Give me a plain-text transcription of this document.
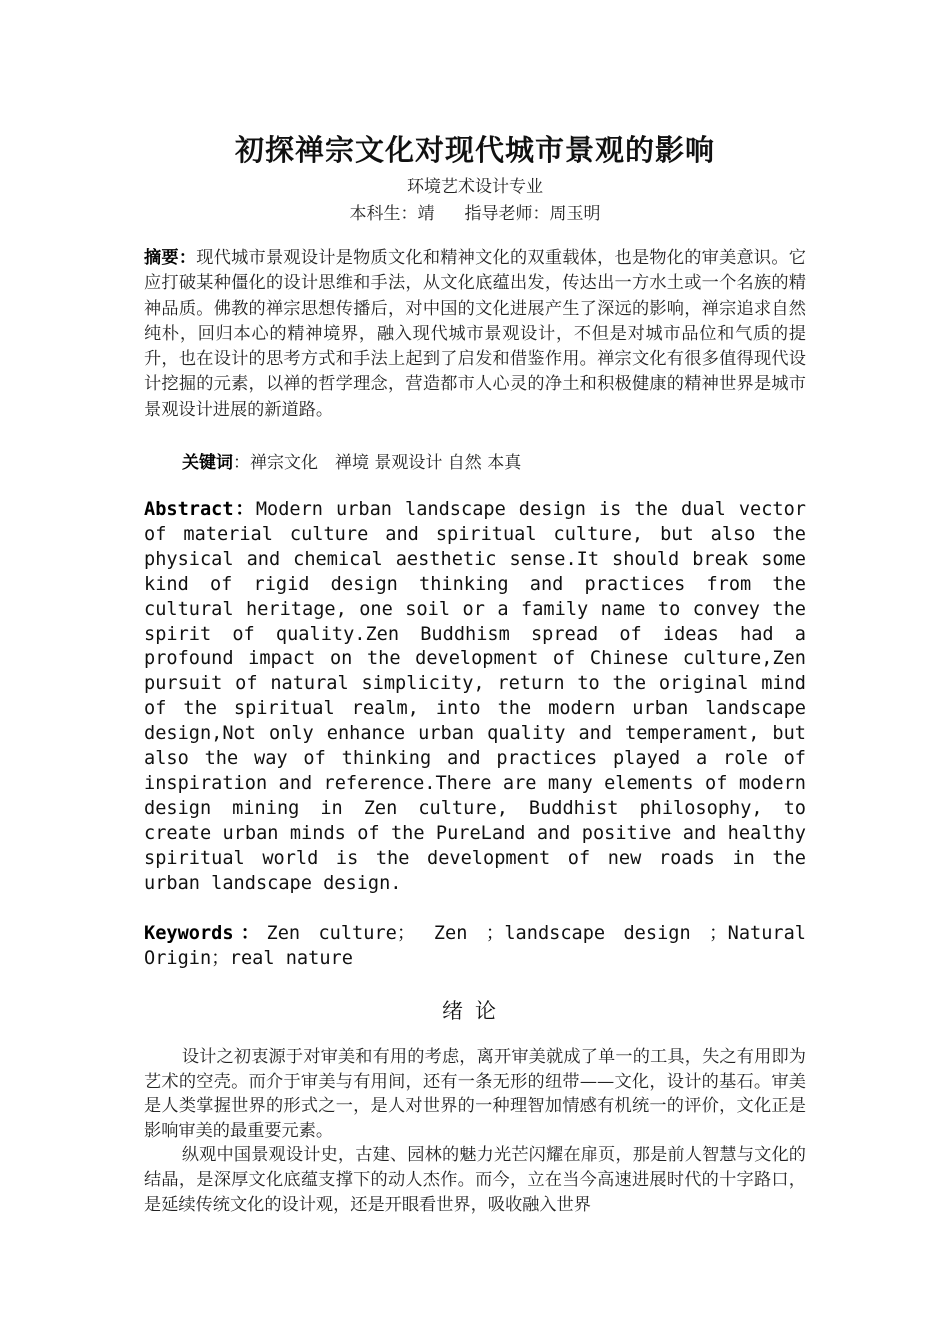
初探禅宗文化对现代城市景观的影响
环境艺术设计专业
本科生：靖 指导老师：周玉明
摘要：现代城市景观设计是物质文化和精神文化的双重载体，也是物化的审美意识。它应打破某种僵化的设计思维和手法，从文化底蕴出发，传达出一方水土或一个名族的精神品质。佛教的禅宗思想传播后，对中国的文化进展产生了深远的影响，禅宗追求自然纯朴，回归本心的精神境界，融入现代城市景观设计，不但是对城市品位和气质的提升，也在设计的思考方式和手法上起到了启发和借鉴作用。禅宗文化有很多值得现代设计挖掘的元素，以禅的哲学理念，营造都市人心灵的净土和积极健康的精神世界是城市景观设计进展的新道路。
关键词：禅宗文化　禅境 景观设计 自然 本真
Abstract：Modern urban landscape design is the dual vector of material culture and spiritual culture, but also the physical and chemical aesthetic sense.It should break some kind of rigid design thinking and practices from the cultural heritage, one soil or a family name to convey the spirit of quality.Zen Buddhism spread of ideas had a profound impact on the development of Chinese culture,Zen pursuit of natural simplicity, return to the original mind of the spiritual realm, into the modern urban landscape design,Not only enhance urban quality and temperament, but also the way of thinking and practices played a role of inspiration and reference.There are many elements of modern design mining in Zen culture, Buddhist philosophy, to create urban minds of the PureLand and positive and healthy spiritual world is the development of new roads in the urban landscape design.
Keywords：Zen culture； Zen ；landscape design ；Natural Origin；real nature
绪论

设计之初衷源于对审美和有用的考虑，离开审美就成了单一的工具，失之有用即为艺术的空壳。而介于审美与有用间，还有一条无形的纽带——文化，设计的基石。审美是人类掌握世界的形式之一，是人对世界的一种理智加情感有机统一的评价，文化正是影响审美的最重要元素。

纵观中国景观设计史，古建、园林的魅力光芒闪耀在扉页，那是前人智慧与文化的结晶，是深厚文化底蕴支撑下的动人杰作。而今，立在当今高速进展时代的十字路口，是延续传统文化的设计观，还是开眼看世界，吸收融入世界
